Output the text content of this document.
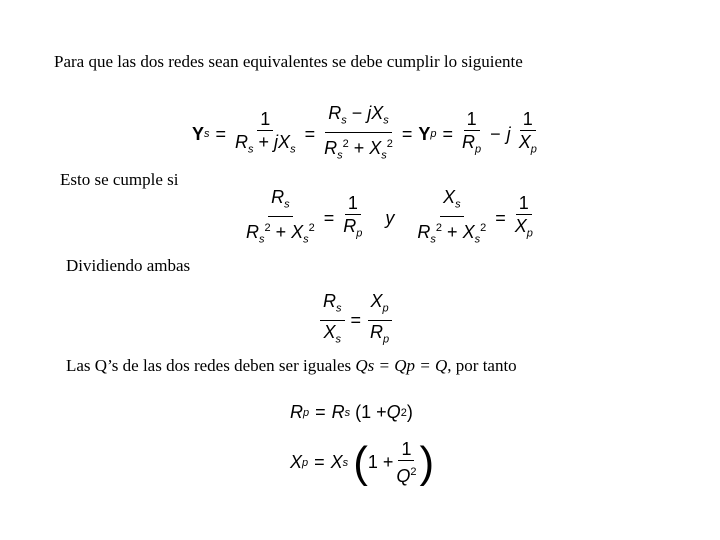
Para que las dos redes sean equivalentes se debe cumplir lo siguiente
Y $s = \frac{1}{R_s + jX_s} = \frac{R_s - jX_s}{R_s^2 + X_s^2} = Y$ $p = \frac{1}{R_p} - j$
$\frac{1}{X_p}$
Esto se cumple si
$\frac{R_s}{R_s^2 + X_s^2} = \frac{1}{R_p}$	y	$\frac{X_s}{R_s^2 + X_s^2} = \frac{1}{X_p}$
Dividiendo ambas
$\frac{R_s}{X_s} = \frac{X_p}{R_p}$
Las Q’s de las dos redes deben ser iguales Qs = Qp = Q, por tanto
R p = R s (1 + Q 2 )
X p = X s
( $1 + \frac{1}{Q^2}$ )
